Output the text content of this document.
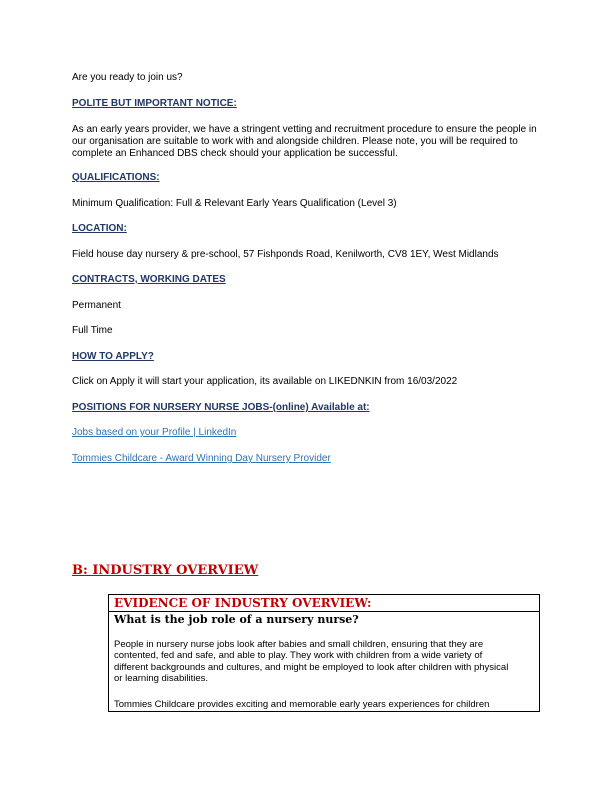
Are you ready to join us?

POLITE BUT IMPORTANT NOTICE:

As an early years provider, we have a stringent vetting and recruitment procedure to ensure the people in
our organisation are suitable to work with and alongside children. Please note, you will be required to
complete an Enhanced DBS check should your application be successful.

QUALIFICATIONS:

Minimum Qualification: Full & Relevant Early Years Qualification (Level 3)

LOCATION:

Field house day nursery & pre-school, 57 Fishponds Road, Kenilworth, CV8 1EY, West Midlands

CONTRACTS, WORKING DATES

Permanent

Full Time

HOW TO APPLY?

Click on Apply it will start your application, its available on LIKEDNKIN from 16/03/2022

POSITIONS FOR NURSERY NURSE JOBS-(online) Available at:

Jobs based on your Profile | LinkedIn

Tommies Childcare - Award Winning Day Nursery Provider

B: INDUSTRY OVERVIEW

EVIDENCE OF INDUSTRY OVERVIEW:

What is the job role of a nursery nurse?

People in nursery nurse jobs look after babies and small children, ensuring that they are
contented, fed and safe, and able to play. They work with children from a wide variety of
different backgrounds and cultures, and might be employed to look after children with physical
or learning disabilities.

Tommies Childcare provides exciting and memorable early years experiences for children
